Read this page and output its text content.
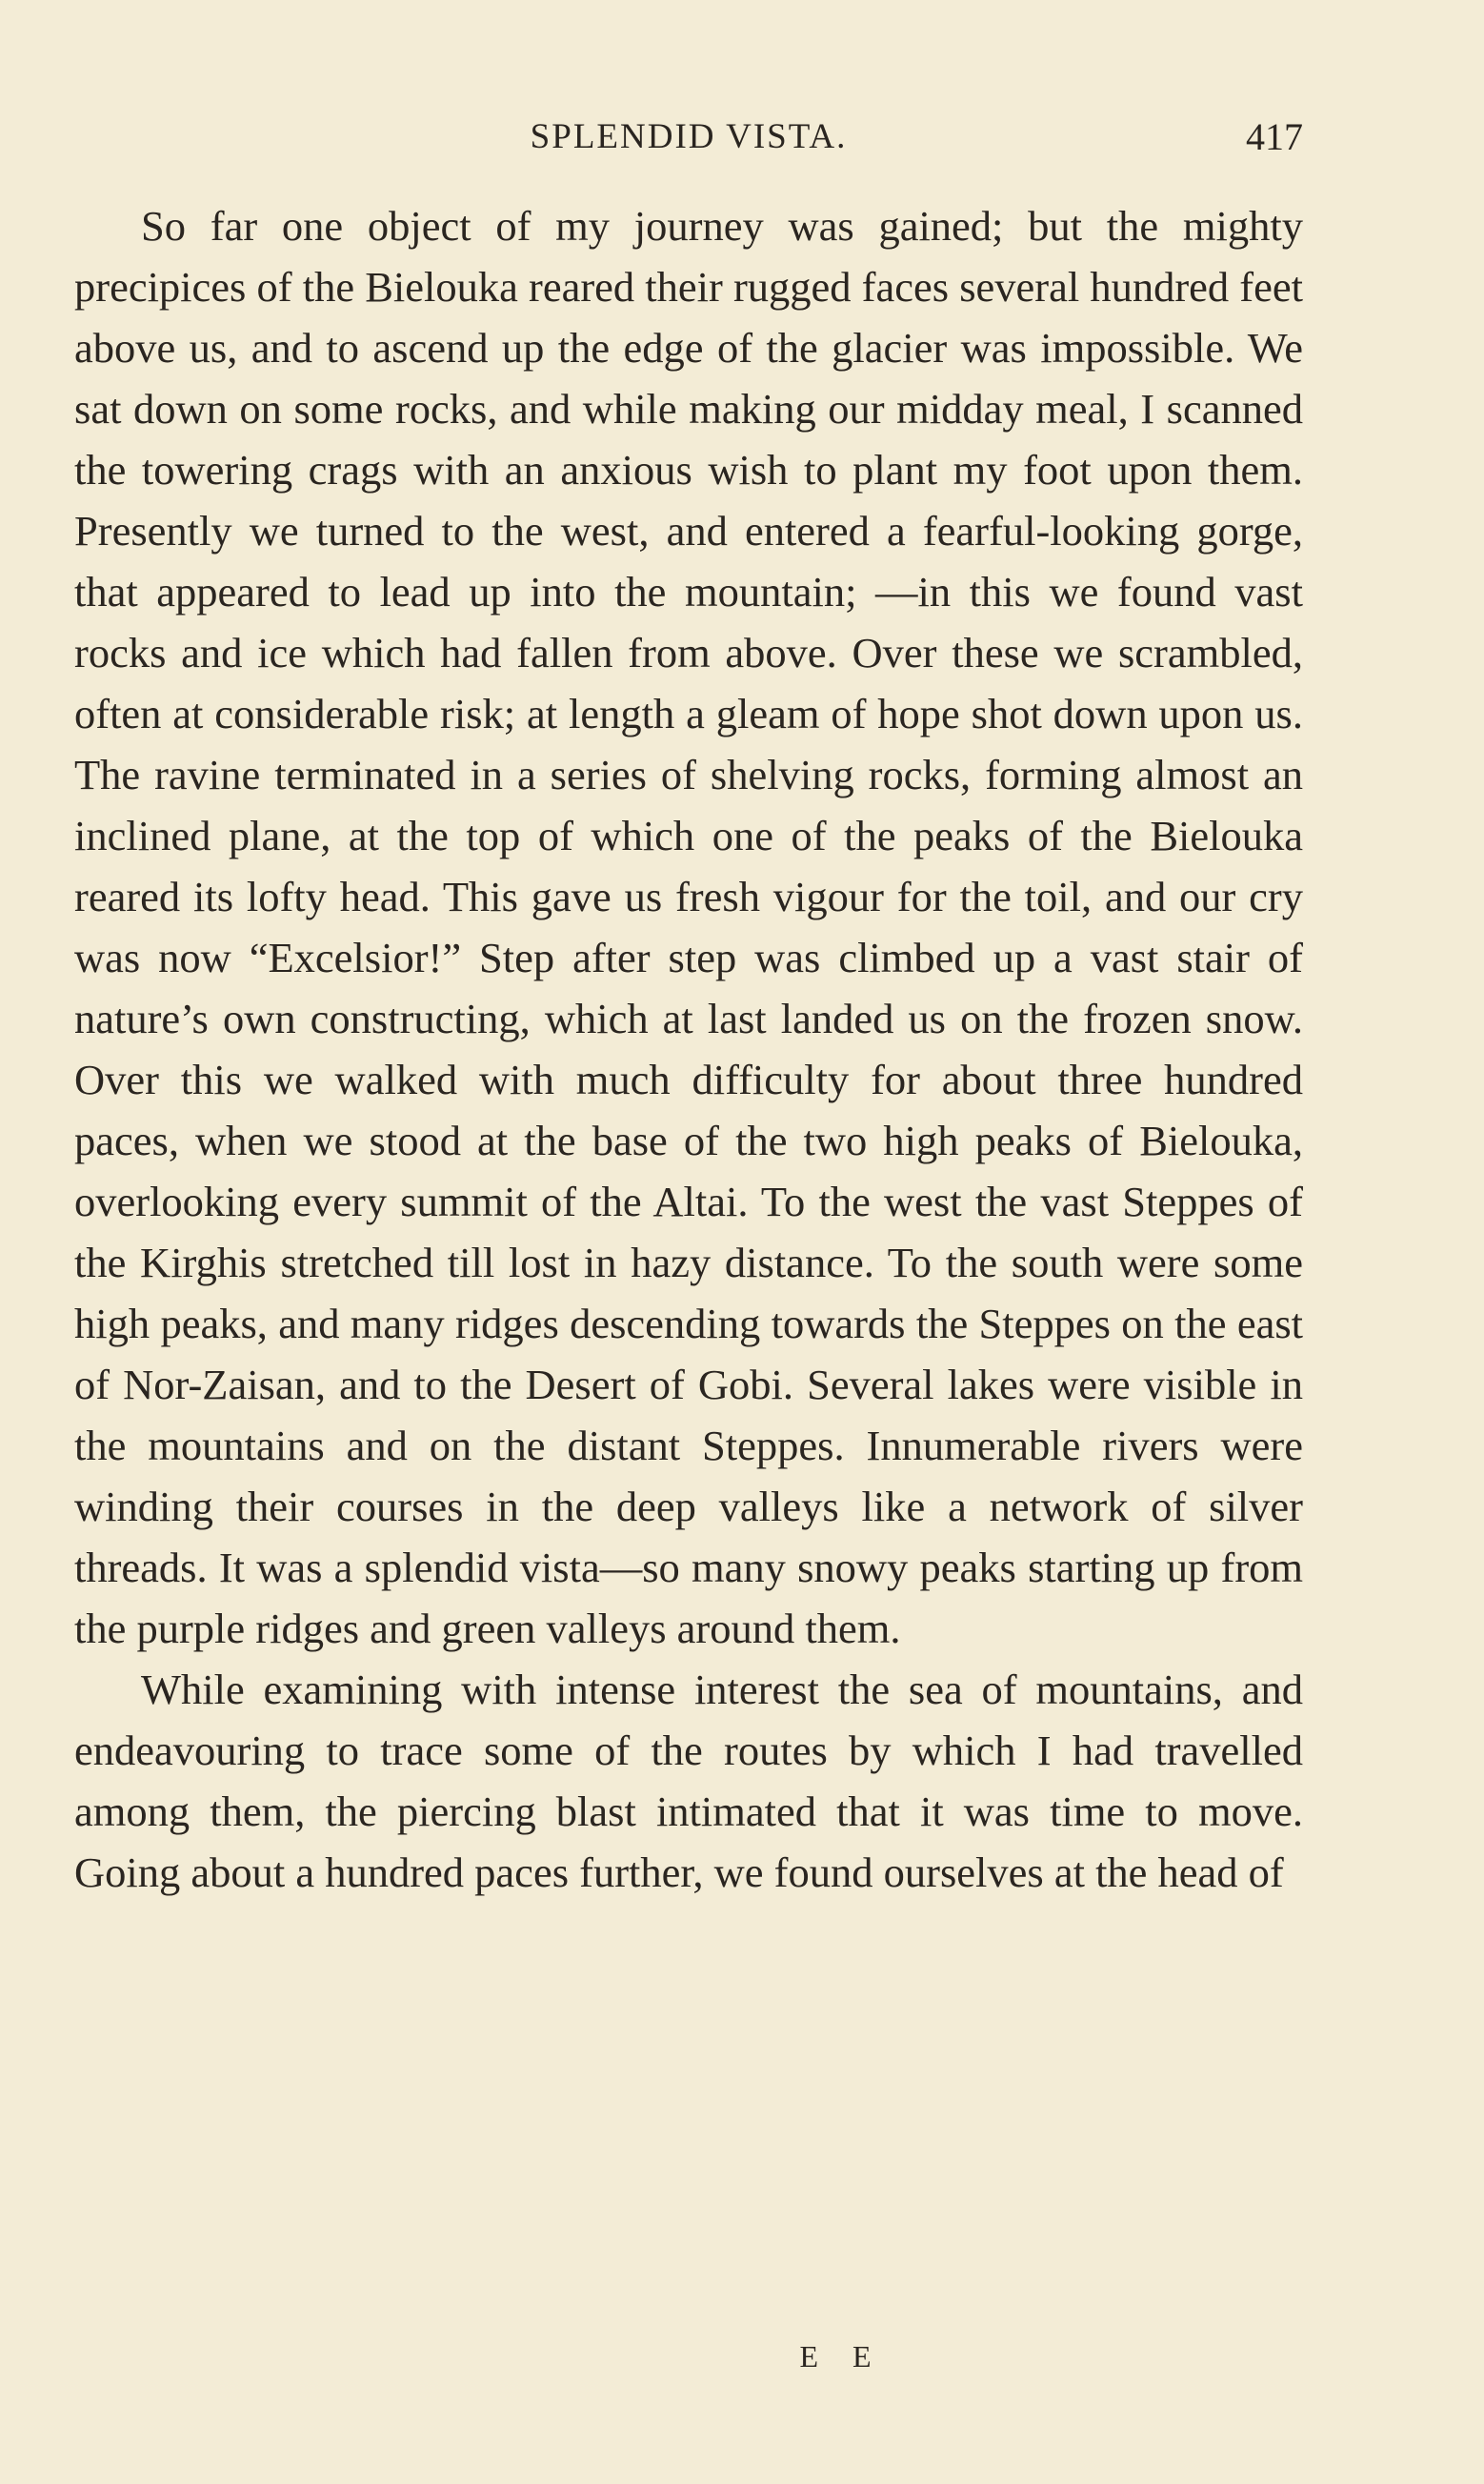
SPLENDID VISTA.	417

So far one object of my journey was gained; but the mighty precipices of the Bielouka reared their rugged faces several hundred feet above us, and to ascend up the edge of the glacier was impossible. We sat down on some rocks, and while making our midday meal, I scanned the towering crags with an anxious wish to plant my foot upon them. Presently we turned to the west, and entered a fearful-looking gorge, that appeared to lead up into the mountain; —in this we found vast rocks and ice which had fallen from above. Over these we scrambled, often at considerable risk; at length a gleam of hope shot down upon us. The ravine terminated in a series of shelving rocks, forming almost an inclined plane, at the top of which one of the peaks of the Bielouka reared its lofty head. This gave us fresh vigour for the toil, and our cry was now “Excelsior!” Step after step was climbed up a vast stair of nature’s own constructing, which at last landed us on the frozen snow. Over this we walked with much difficulty for about three hundred paces, when we stood at the base of the two high peaks of Bielouka, overlooking every summit of the Altai. To the west the vast Steppes of the Kirghis stretched till lost in hazy distance. To the south were some high peaks, and many ridges descending towards the Steppes on the east of Nor-Zaisan, and to the Desert of Gobi. Several lakes were visible in the mountains and on the distant Steppes. Innumerable rivers were winding their courses in the deep valleys like a network of silver threads. It was a splendid vista—so many snowy peaks starting up from the purple ridges and green valleys around them.

While examining with intense interest the sea of mountains, and endeavouring to trace some of the routes by which I had travelled among them, the piercing blast intimated that it was time to move. Going about a hundred paces further, we found ourselves at the head of

E E
